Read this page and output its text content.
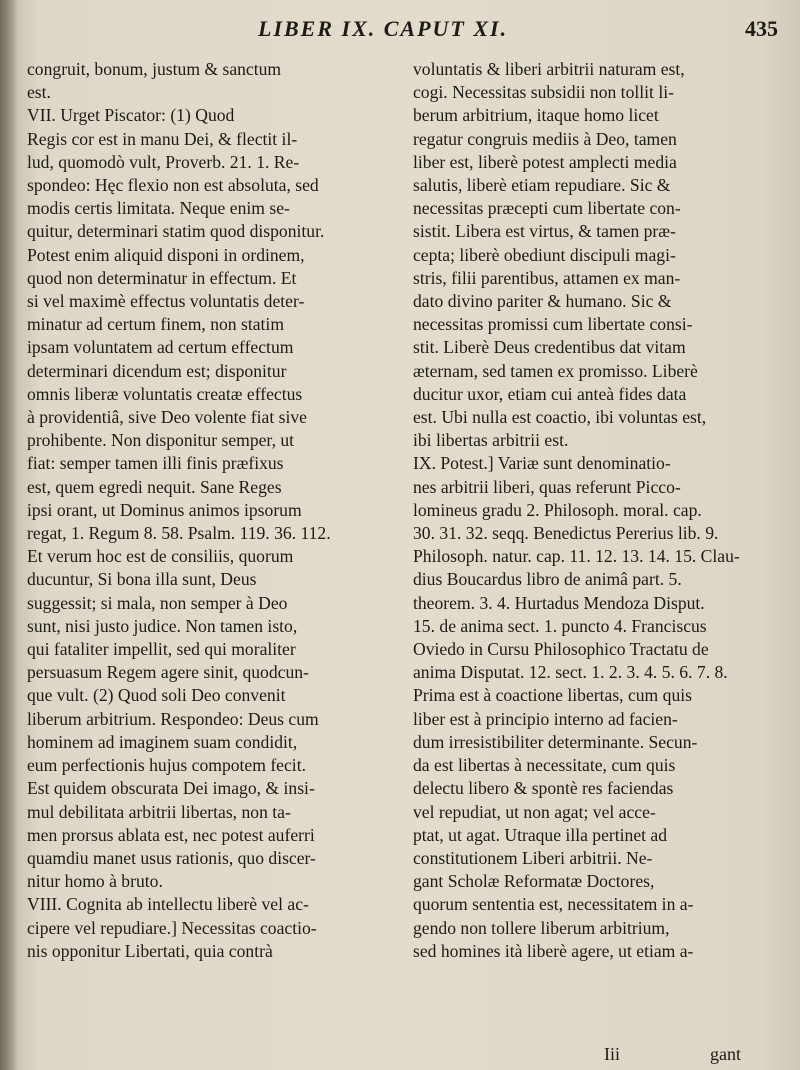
LIBER IX. CAPUT XI.	435
congruit, bonum, justum & sanctum
est.
VII. Urget Piscator: (1) Quod
Regis cor est in manu Dei, & flectit il-
lud, quomodò vult, Proverb. 21. 1. Re-
spondeo: Hęc flexio non est absoluta, sed
modis certis limitata. Neque enim se-
quitur, determinari statim quod disponitur.
Potest enim aliquid disponi in ordinem,
quod non determinatur in effectum. Et
si vel maximè effectus voluntatis deter-
minatur ad certum finem, non statim
ipsam voluntatem ad certum effectum
determinari dicendum est; disponitur
omnis liberæ voluntatis creatæ effectus
à providentiâ, sive Deo volente fiat sive
prohibente. Non disponitur semper, ut
fiat: semper tamen illi finis præfixus
est, quem egredi nequit. Sane Reges
ipsi orant, ut Dominus animos ipsorum
regat, 1. Regum 8. 58. Psalm. 119. 36. 112.
Et verum hoc est de consiliis, quorum
ducuntur, Si bona illa sunt, Deus
suggessit; si mala, non semper à Deo
sunt, nisi justo judice. Non tamen isto,
qui fataliter impellit, sed qui moraliter
persuasum Regem agere sinit, quodcun-
que vult. (2) Quod soli Deo convenit
liberum arbitrium. Respondeo: Deus cum
hominem ad imaginem suam condidit,
eum perfectionis hujus compotem fecit.
Est quidem obscurata Dei imago, & insi-
mul debilitata arbitrii libertas, non ta-
men prorsus ablata est, nec potest auferri
quamdiu manet usus rationis, quo discer-
nitur homo à bruto.
VIII. Cognita ab intellectu liberè vel ac-
cipere vel repudiare.] Necessitas coactio-
nis opponitur Libertati, quia contrà
voluntatis & liberi arbitrii naturam est,
cogi. Necessitas subsidii non tollit li-
berum arbitrium, itaque homo licet
regatur congruis mediis à Deo, tamen
liber est, liberè potest amplecti media
salutis, liberè etiam repudiare. Sic &
necessitas præcepti cum libertate con-
sistit. Libera est virtus, & tamen præ-
cepta; liberè obediunt discipuli magi-
stris, filii parentibus, attamen ex man-
dato divino pariter & humano. Sic &
necessitas promissi cum libertate consi-
stit. Liberè Deus credentibus dat vitam
æternam, sed tamen ex promisso. Liberè
ducitur uxor, etiam cui anteà fides data
est. Ubi nulla est coactio, ibi voluntas est,
ibi libertas arbitrii est.
IX. Potest.] Variæ sunt denominatio-
nes arbitrii liberi, quas referunt Picco-
lomineus gradu 2. Philosoph. moral. cap.
30. 31. 32. seqq. Benedictus Pererius lib. 9.
Philosoph. natur. cap. 11. 12. 13. 14. 15. Clau-
dius Boucardus libro de animâ part. 5.
theorem. 3. 4. Hurtadus Mendoza Disput.
15. de anima sect. 1. puncto 4. Franciscus
Oviedo in Cursu Philosophico Tractatu de
anima Disputat. 12. sect. 1. 2. 3. 4. 5. 6. 7. 8.
Prima est à coactione libertas, cum quis
liber est à principio interno ad facien-
dum irresistibiliter determinante. Secun-
da est libertas à necessitate, cum quis
delectu libero & spontè res faciendas
vel repudiat, ut non agat; vel acce-
ptat, ut agat. Utraque illa pertinet ad
constitutionem Liberi arbitrii. Ne-
gant Scholæ Reformatæ Doctores,
quorum sententia est, necessitatem in a-
gendo non tollere liberum arbitrium,
sed homines ità liberè agere, ut etiam a-
Iii	gant
